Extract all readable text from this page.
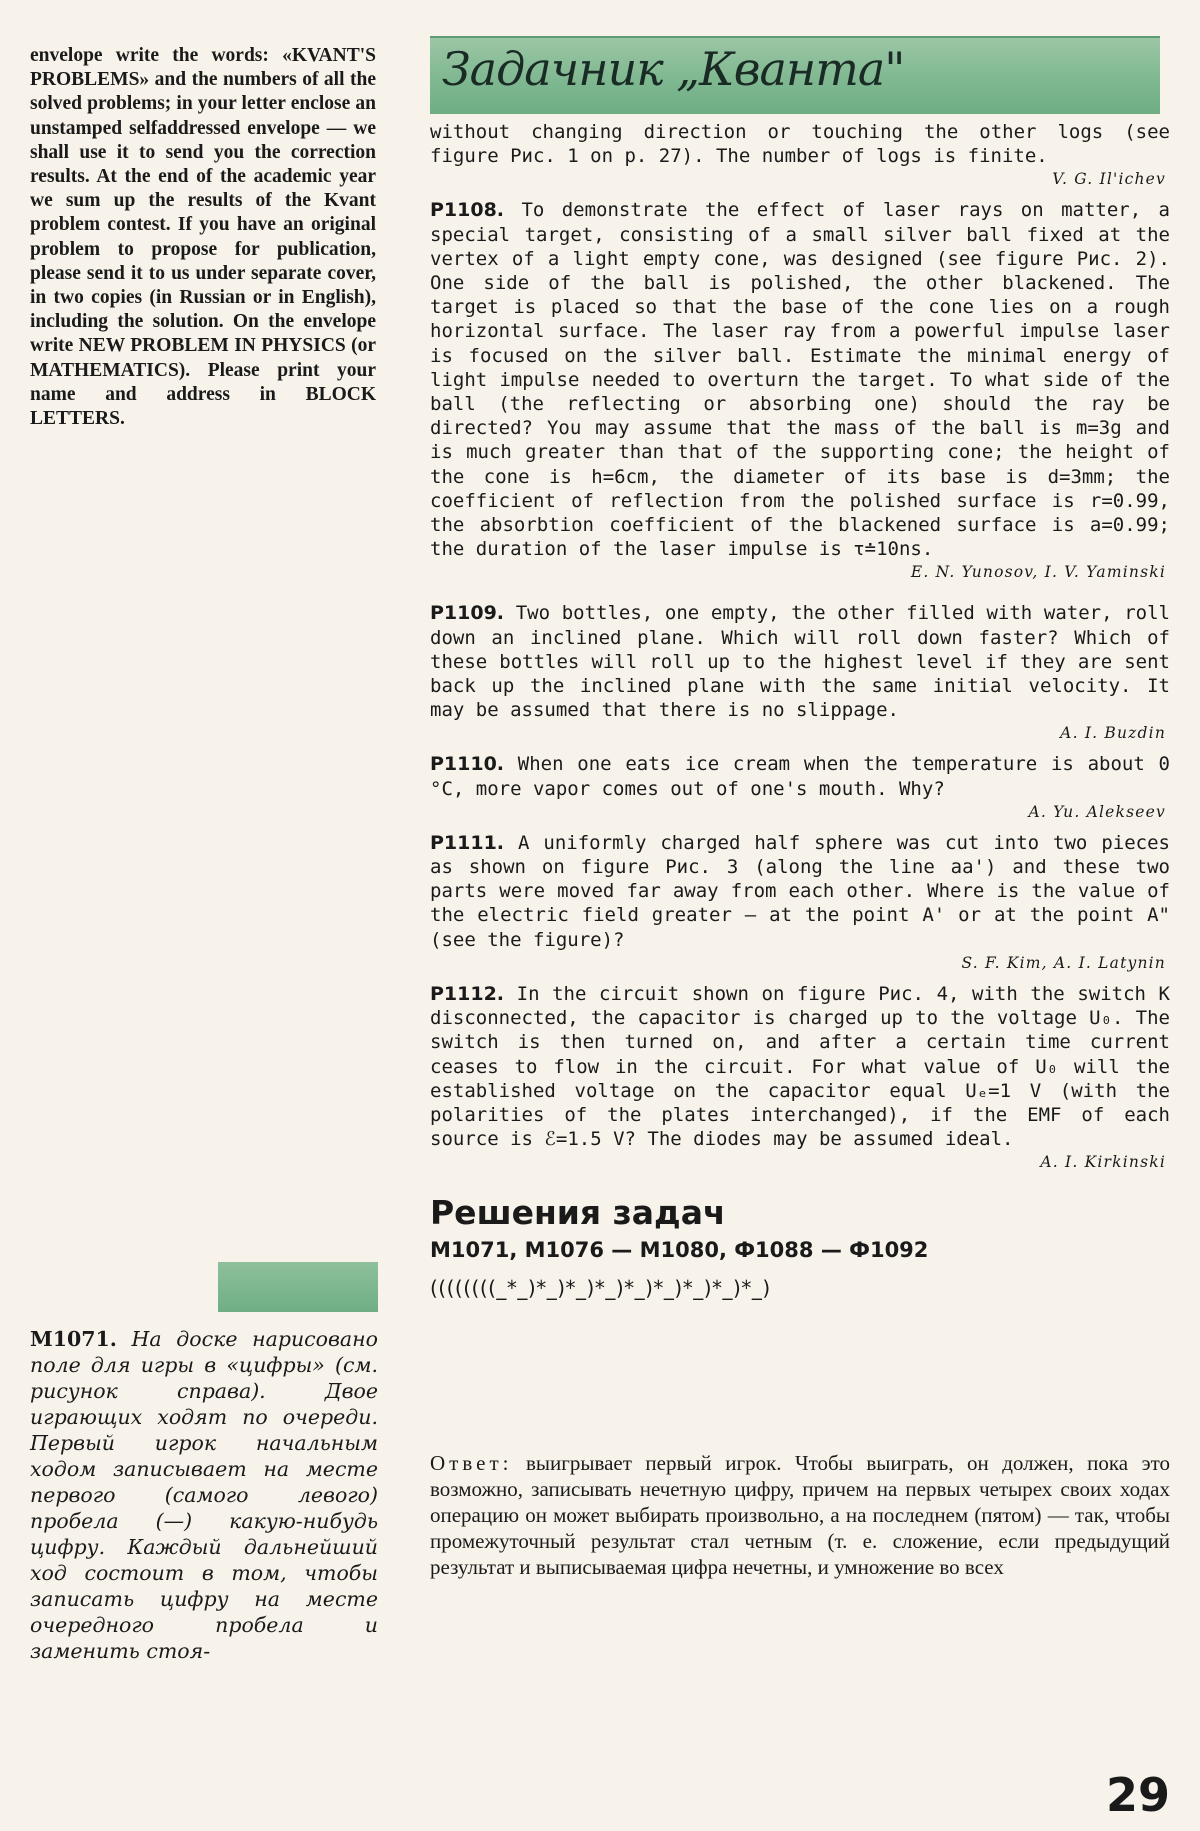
envelope write the words: «KVANT'S PROBLEMS» and the numbers of all the solved problems; in your letter enclose an unstamped selfaddressed envelope — we shall use it to send you the correction results. At the end of the academic year we sum up the results of the Kvant problem contest. If you have an original problem to propose for publication, please send it to us under separate cover, in two copies (in Russian or in English), including the solution. On the envelope write NEW PROBLEM IN PHYSICS (or MATHEMATICS). Please print your name and address in BLOCK LETTERS.

Задачник „Кванта"

without changing direction or touching the other logs (see figure Рис. 1 on p. 27). The number of logs is finite.

V. G. Il'ichev

P1108. To demonstrate the effect of laser rays on matter, a special target, consisting of a small silver ball fixed at the vertex of a light empty cone, was designed (see figure Рис. 2). One side of the ball is polished, the other blackened. The target is placed so that the base of the cone lies on a rough horizontal surface. The laser ray from a powerful impulse laser is focused on the silver ball. Estimate the minimal energy of light impulse needed to overturn the target. To what side of the ball (the reflecting or absorbing one) should the ray be directed? You may assume that the mass of the ball is m=3g and is much greater than that of the supporting cone; the height of the cone is h=6cm, the diameter of its base is d=3mm; the coefficient of reflection from the polished surface is r=0.99, the absorbtion coefficient of the blackened surface is a=0.99; the duration of the laser impulse is τ≐10ns.

E. N. Yunosov, I. V. Yaminski

P1109. Two bottles, one empty, the other filled with water, roll down an inclined plane. Which will roll down faster? Which of these bottles will roll up to the highest level if they are sent back up the inclined plane with the same initial velocity. It may be assumed that there is no slippage.

A. I. Buzdin

P1110. When one eats ice cream when the temperature is about 0 °C, more vapor comes out of one's mouth. Why?

A. Yu. Alekseev

P1111. A uniformly charged half sphere was cut into two pieces as shown on figure Рис. 3 (along the line aa') and these two parts were moved far away from each other. Where is the value of the electric field greater — at the point A' or at the point A" (see the figure)?

S. F. Kim, A. I. Latynin

P1112. In the circuit shown on figure Рис. 4, with the switch K disconnected, the capacitor is charged up to the voltage U₀. The switch is then turned on, and after a certain time current ceases to flow in the circuit. For what value of U₀ will the established voltage on the capacitor equal Uₑ=1 V (with the polarities of the plates interchanged), if the EMF of each source is ℰ=1.5 V? The diodes may be assumed ideal.

A. I. Kirkinski

Решения задач

М1071, М1076 — М1080, Ф1088 — Ф1092

((((((((_*_)*_)*_)*_)*_)*_)*_)*_)*_)

Ответ: выигрывает первый игрок. Чтобы выиграть, он должен, пока это возможно, записывать нечетную цифру, причем на первых четырех своих ходах операцию он может выбирать произвольно, а на последнем (пятом) — так, чтобы промежуточный результат стал четным (т. е. сложение, если предыдущий результат и выписываемая цифра нечетны, и умножение во всех

М1071. На доске нарисовано поле для игры в «цифры» (см. рисунок справа). Двое играющих ходят по очереди. Первый игрок начальным ходом записывает на месте первого (самого левого) пробела (—) какую-нибудь цифру. Каждый дальнейший ход состоит в том, чтобы записать цифру на месте очередного пробела и заменить стоя-

29
